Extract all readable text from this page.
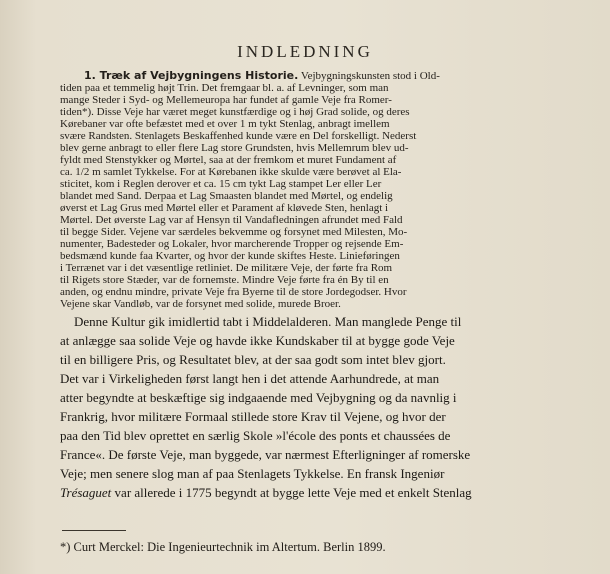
INDLEDNING
1. Træk af Vejbygningens Historie. Vejbygningskunsten stod i Old-
tiden paa et temmelig højt Trin. Det fremgaar bl. a. af Levninger, som man
mange Steder i Syd- og Mellemeuropa har fundet af gamle Veje fra Romer-
tiden*). Disse Veje har været meget kunstfærdige og i høj Grad solide, og deres
Kørebaner var ofte befæstet med et over 1 m tykt Stenlag, anbragt imellem
svære Randsten. Stenlagets Beskaffenhed kunde være en Del forskelligt. Nederst
blev gerne anbragt to eller flere Lag store Grundsten, hvis Mellemrum blev ud-
fyldt med Stenstykker og Mørtel, saa at der fremkom et muret Fundament af
ca. 1/2 m samlet Tykkelse. For at Kørebanen ikke skulde være berøvet al Ela-
sticitet, kom i Reglen derover et ca. 15 cm tykt Lag stampet Ler eller Ler
blandet med Sand. Derpaa et Lag Smaasten blandet med Mørtel, og endelig
øverst et Lag Grus med Mørtel eller et Parament af kløvede Sten, henlagt i
Mørtel. Det øverste Lag var af Hensyn til Vandafledningen afrundet med Fald
til begge Sider. Vejene var særdeles bekvemme og forsynet med Milesten, Mo-
numenter, Badesteder og Lokaler, hvor marcherende Tropper og rejsende Em-
bedsmænd kunde faa Kvarter, og hvor der kunde skiftes Heste. Linieføringen
i Terrænet var i det væsentlige retliniet. De militære Veje, der førte fra Rom
til Rigets store Stæder, var de fornemste. Mindre Veje førte fra én By til en
anden, og endnu mindre, private Veje fra Byerne til de store Jordegodser. Hvor
Vejene skar Vandløb, var de forsynet med solide, murede Broer.
Denne Kultur gik imidlertid tabt i Middelalderen. Man manglede Penge til
at anlægge saa solide Veje og havde ikke Kundskaber til at bygge gode Veje
til en billigere Pris, og Resultatet blev, at der saa godt som intet blev gjort.
Det var i Virkeligheden først langt hen i det attende Aarhundrede, at man
atter begyndte at beskæftige sig indgaaende med Vejbygning og da navnlig i
Frankrig, hvor militære Formaal stillede store Krav til Vejene, og hvor der
paa den Tid blev oprettet en særlig Skole »l'école des ponts et chaussées de
France«. De første Veje, man byggede, var nærmest Efterligninger af romerske
Veje; men senere slog man af paa Stenlagets Tykkelse. En fransk Ingeniør
Trésaguet var allerede i 1775 begyndt at bygge lette Veje med et enkelt Stenlag
*) Curt Merckel: Die Ingenieurtechnik im Altertum. Berlin 1899.
